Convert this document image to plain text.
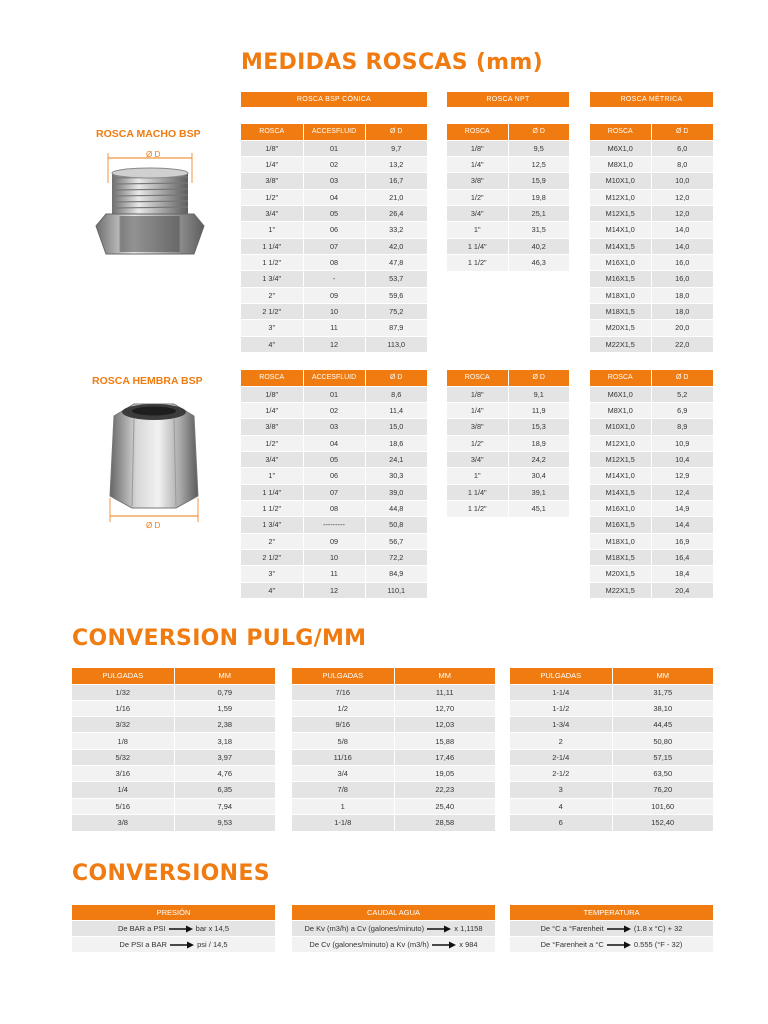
MEDIDAS ROSCAS (mm)
CONVERSION PULG/MM
CONVERSIONES
ROSCA BSP CÓNICA	ROSCA NPT	ROSCA MÉTRICA
ROSCA MACHO BSP
Ø D
ROSCA	ACCESFLUID	Ø D
1/8"	01	9,7
1/4"	02	13,2
3/8"	03	16,7
1/2"	04	21,0
3/4"	05	26,4
1"	06	33,2
1 1/4"	07	42,0
1 1/2"	08	47,8
1 3/4"	-	53,7
2"	09	59,6
2 1/2"	10	75,2
3"	11	87,9
4"	12	113,0
ROSCA	Ø D
1/8"	9,5
1/4"	12,5
3/8"	15,9
1/2"	19,8
3/4"	25,1
1"	31,5
1 1/4"	40,2
1 1/2"	46,3
ROSCA	Ø D
M6X1,0	6,0
M8X1,0	8,0
M10X1,0	10,0
M12X1,0	12,0
M12X1,5	12,0
M14X1,0	14,0
M14X1,5	14,0
M16X1,0	16,0
M16X1,5	16,0
M18X1,0	18,0
M18X1,5	18,0
M20X1,5	20,0
M22X1,5	22,0
ROSCA HEMBRA BSP
Ø D
ROSCA	ACCESFLUID	Ø D
1/8"	01	8,6
1/4"	02	11,4
3/8"	03	15,0
1/2"	04	18,6
3/4"	05	24,1
1"	06	30,3
1 1/4"	07	39,0
1 1/2"	08	44,8
1 3/4"	---------	50,8
2"	09	56,7
2 1/2"	10	72,2
3"	11	84,9
4"	12	110,1
ROSCA	Ø D
1/8"	9,1
1/4"	11,9
3/8"	15,3
1/2"	18,9
3/4"	24,2
1"	30,4
1 1/4"	39,1
1 1/2"	45,1
ROSCA	Ø D
M6X1,0	5,2
M8X1,0	6,9
M10X1,0	8,9
M12X1,0	10,9
M12X1,5	10,4
M14X1,0	12,9
M14X1,5	12,4
M16X1,0	14,9
M16X1,5	14,4
M18X1,0	16,9
M18X1,5	16,4
M20X1,5	18,4
M22X1,5	20,4
PULGADAS	MM
1/32	0,79
1/16	1,59
3/32	2,38
1/8	3,18
5/32	3,97
3/16	4,76
1/4	6,35
5/16	7,94
3/8	9,53
PULGADAS	MM
7/16	11,11
1/2	12,70
9/16	12,03
5/8	15,88
11/16	17,46
3/4	19,05
7/8	22,23
1	25,40
1-1/8	28,58
PULGADAS	MM
1-1/4	31,75
1-1/2	38,10
1-3/4	44,45
2	50,80
2-1/4	57,15
2-1/2	63,50
3	76,20
4	101,60
6	152,40
PRESIÓN
De BAR a PSI	bar x 14,5
De PSI a BAR	psi / 14,5
CAUDAL AGUA
De Kv (m3/h) a Cv (galones/minuto)	x 1,1158
De Cv (galones/minuto) a Kv (m3/h)	x 984
TEMPERATURA
De °C a °Farenheit	(1.8 x °C) + 32
De °Farenheit a °C	0.555 (°F - 32)
